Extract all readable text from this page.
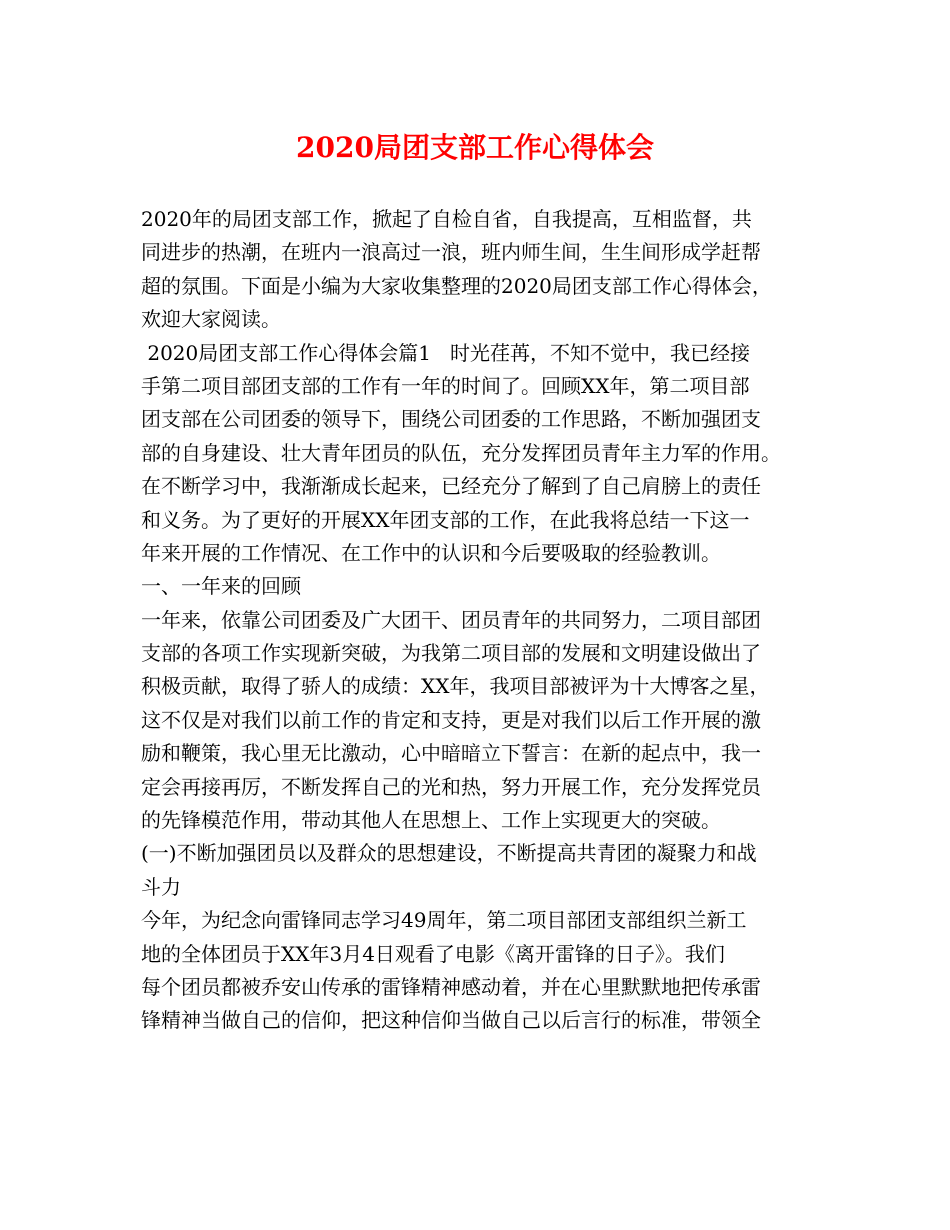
2020局团支部工作心得体会
2020年的局团支部工作，掀起了自检自省，自我提高，互相监督，共
同进步的热潮，在班内一浪高过一浪，班内师生间，生生间形成学赶帮
超的氛围。下面是小编为大家收集整理的2020局团支部工作心得体会，
欢迎大家阅读。
2020局团支部工作心得体会篇1   时光荏苒，不知不觉中，我已经接
手第二项目部团支部的工作有一年的时间了。回顾XX年，第二项目部
团支部在公司团委的领导下，围绕公司团委的工作思路，不断加强团支
部的自身建设、壮大青年团员的队伍，充分发挥团员青年主力军的作用。
在不断学习中，我渐渐成长起来，已经充分了解到了自己肩膀上的责任
和义务。为了更好的开展XX年团支部的工作，在此我将总结一下这一
年来开展的工作情况、在工作中的认识和今后要吸取的经验教训。
一、一年来的回顾
一年来，依靠公司团委及广大团干、团员青年的共同努力，二项目部团
支部的各项工作实现新突破，为我第二项目部的发展和文明建设做出了
积极贡献，取得了骄人的成绩：XX年，我项目部被评为十大博客之星，
这不仅是对我们以前工作的肯定和支持，更是对我们以后工作开展的激
励和鞭策，我心里无比激动，心中暗暗立下誓言：在新的起点中，我一
定会再接再厉，不断发挥自己的光和热，努力开展工作，充分发挥党员
的先锋模范作用，带动其他人在思想上、工作上实现更大的突破。
(一)不断加强团员以及群众的思想建设，不断提高共青团的凝聚力和战
斗力
今年，为纪念向雷锋同志学习49周年，第二项目部团支部组织兰新工
地的全体团员于XX年3月4日观看了电影《离开雷锋的日子》。我们
每个团员都被乔安山传承的雷锋精神感动着，并在心里默默地把传承雷
锋精神当做自己的信仰，把这种信仰当做自己以后言行的标准，带领全
